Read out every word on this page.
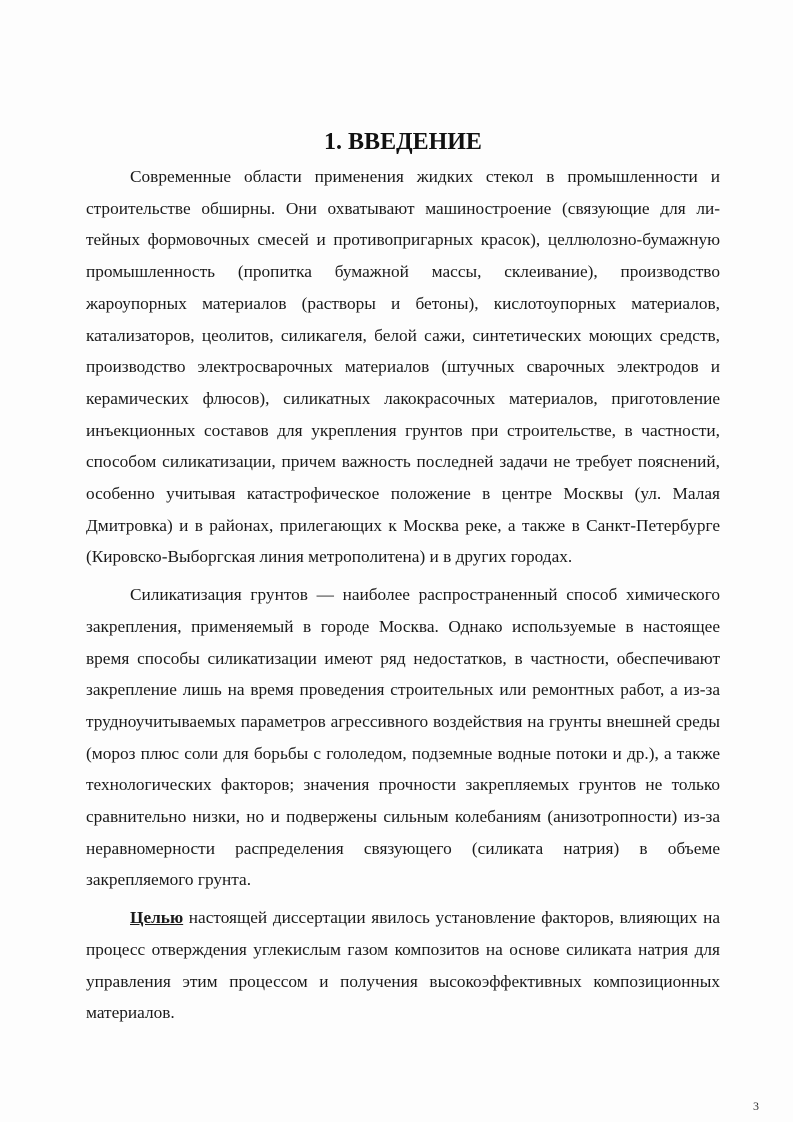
1. ВВЕДЕНИЕ

Современные области применения жидких стекол в промышленности и строительстве обширны. Они охватывают машиностроение (связующие для литейных формовочных смесей и противопригарных красок), целлюлозно-бумажную промышленность (пропитка бумажной массы, склеивание), производство жароупорных материалов (растворы и бетоны), кислотоупорных материалов, катализаторов, цеолитов, силикагеля, белой сажи, синтетических моющих средств, производство электросварочных материалов (штучных сварочных электродов и керамических флюсов), силикатных лакокрасочных материалов, приготовление инъекционных составов для укрепления грунтов при строительстве, в частности, способом силикатизации, причем важность последней задачи не требует пояснений, особенно учитывая катастрофическое положение в центре Москвы (ул. Малая Дмитровка) и в районах, прилегающих к Москва реке, а также в Санкт-Петербурге (Кировско-Выборгская линия метрополитена) и в других городах.

Силикатизация грунтов — наиболее распространенный способ химического закрепления, применяемый в городе Москва. Однако используемые в настоящее время способы силикатизации имеют ряд недостатков, в частности, обеспечивают закрепление лишь на время проведения строительных или ремонтных работ, а из-за трудноучитываемых параметров агрессивного воздействия на грунты внешней среды (мороз плюс соли для борьбы с гололедом, подземные водные потоки и др.), а также технологических факторов; значения прочности закрепляемых грунтов не только сравнительно низки, но и подвержены сильным колебаниям (анизотропности) из-за неравномерности распределения связующего (силиката натрия) в объеме закрепляемого грунта.

Целью настоящей диссертации явилось установление факторов, влияющих на процесс отверждения углекислым газом композитов на основе силиката натрия для управления этим процессом и получения высокоэффективных композиционных материалов.

3
